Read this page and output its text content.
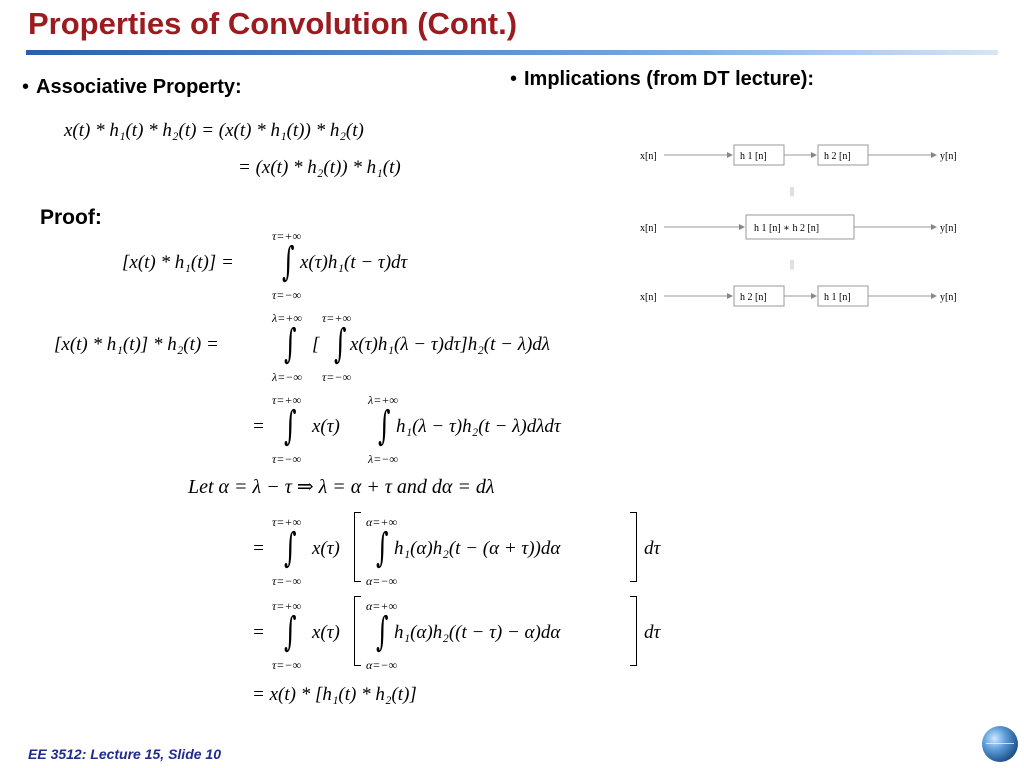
Properties of Convolution (Cont.)
• Associative Property:	• Implications (from DT lecture):
x(t) * h₁(t) * h₂(t) = (x(t) * h₁(t)) * h₂(t)
= (x(t) * h₂(t)) * h₁(t)
Proof:
[x(t) * h₁(t)] =
τ=+∞
∫
τ=−∞
x(τ)h₁(t − τ)dτ
[x(t) * h₁(t)] * h₂(t) =
λ=+∞
∫
λ=−∞
[
τ=+∞
∫
τ=−∞
x(τ)h₁(λ − τ)dτ]h₂(t − λ)dλ
=
τ=+∞
∫
τ=−∞
x(τ)
λ=+∞
∫
λ=−∞
h₁(λ − τ)h₂(t − λ)dλdτ
Let α = λ − τ ⇒ λ = α + τ and dα = dλ
=
τ=+∞
∫
τ=−∞
x(τ)
α=+∞
∫
α=−∞
h₁(α)h₂(t − (α + τ))dα	dτ
=
τ=+∞
∫
τ=−∞
x(τ)
α=+∞
∫
α=−∞
h₁(α)h₂((t − τ) − α)dα	dτ
= x(t) * [h₁(t) * h₂(t)]
x[n]	h 1 [n]	h 2 [n]	y[n]
||
x[n]	h 1 [n] ∗ h 2 [n]	y[n]
||
x[n]	h 2 [n]	h 1 [n]	y[n]
EE 3512: Lecture 15, Slide 10
